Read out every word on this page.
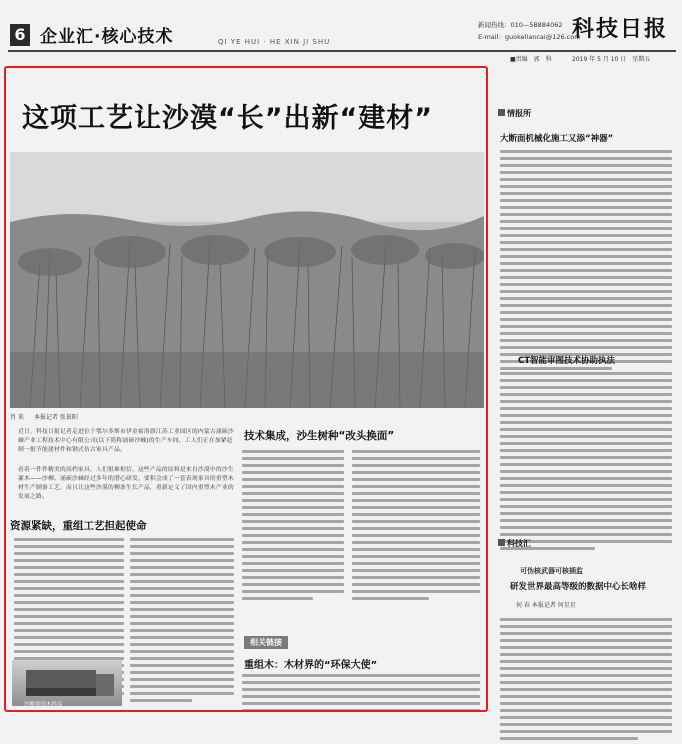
6 企业汇·核心技术	QI YE HUI · HE XIN JI SHU
新闻热线：010—58884062
E-mail：guokeliancai@126.com
科技日报
■责编　郭　科	2019 年 5 月 10 日　星期五
这项工艺让沙漠“长”出新“建材”
肖 来 本报记者 张景阳
近日，科技日报记者走进位于鄂尔多斯市伊金霍洛旗江苏工业园区的内蒙古涌硕沙棘产业工程技术中心有限公司(以下简称涌硕沙棘)的生产车间，工人们正在加紧赶制一批节能建材件和钢式仿古家具产品。
看着一件件精美的高档家具，人们很难相信，这些产品的原料是来自沙漠中的沙生灌木——沙柳。涌硕沙棘经过多年的潜心研发，要积会成了一套表现家具的重塑木材生产制备工艺，而且让这些沙漠的柳条生长产品，重新定义了国内重塑木产业的发展之路。
技术集成，沙生树种“改头换面”
资源紧缺，重组工艺担起使命
相关链接
重组木：木材界的“环保大使”
沙柳重组木样品
情报所
大断面机械化施工又添“神器”
CT智能审图技术协助执法
科技汇
可伪核武器可核插监
研发世界最高等级的数据中心长啥样
何 春 本报记者 何星星
